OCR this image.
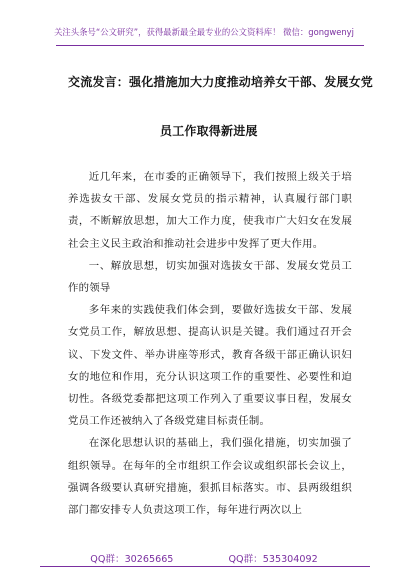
关注头条号“公文研究”，获得最新最全最专业的公文资料库！ 微信：gongwenyj
交流发言：强化措施加大力度推动培养女干部、发展女党
员工作取得新进展

近几年来，在市委的正确领导下，我们按照上级关于培养选拔女干部、发展女党员的指示精神，认真履行部门职责，不断解放思想，加大工作力度，使我市广大妇女在发展社会主义民主政治和推动社会进步中发挥了更大作用。

一、解放思想，切实加强对选拔女干部、发展女党员工作的领导

多年来的实践使我们体会到，要做好选拔女干部、发展女党员工作，解放思想、提高认识是关键。我们通过召开会议、下发文件、举办讲座等形式，教育各级干部正确认识妇女的地位和作用，充分认识这项工作的重要性、必要性和迫切性。各级党委都把这项工作列入了重要议事日程，发展女党员工作还被纳入了各级党建目标责任制。

在深化思想认识的基础上，我们强化措施，切实加强了组织领导。在每年的全市组织工作会议或组织部长会议上，强调各级要认真研究措施，狠抓目标落实。市、县两级组织部门都安排专人负责这项工作，每年进行两次以上

QQ群：30265665	QQ群：535304092
